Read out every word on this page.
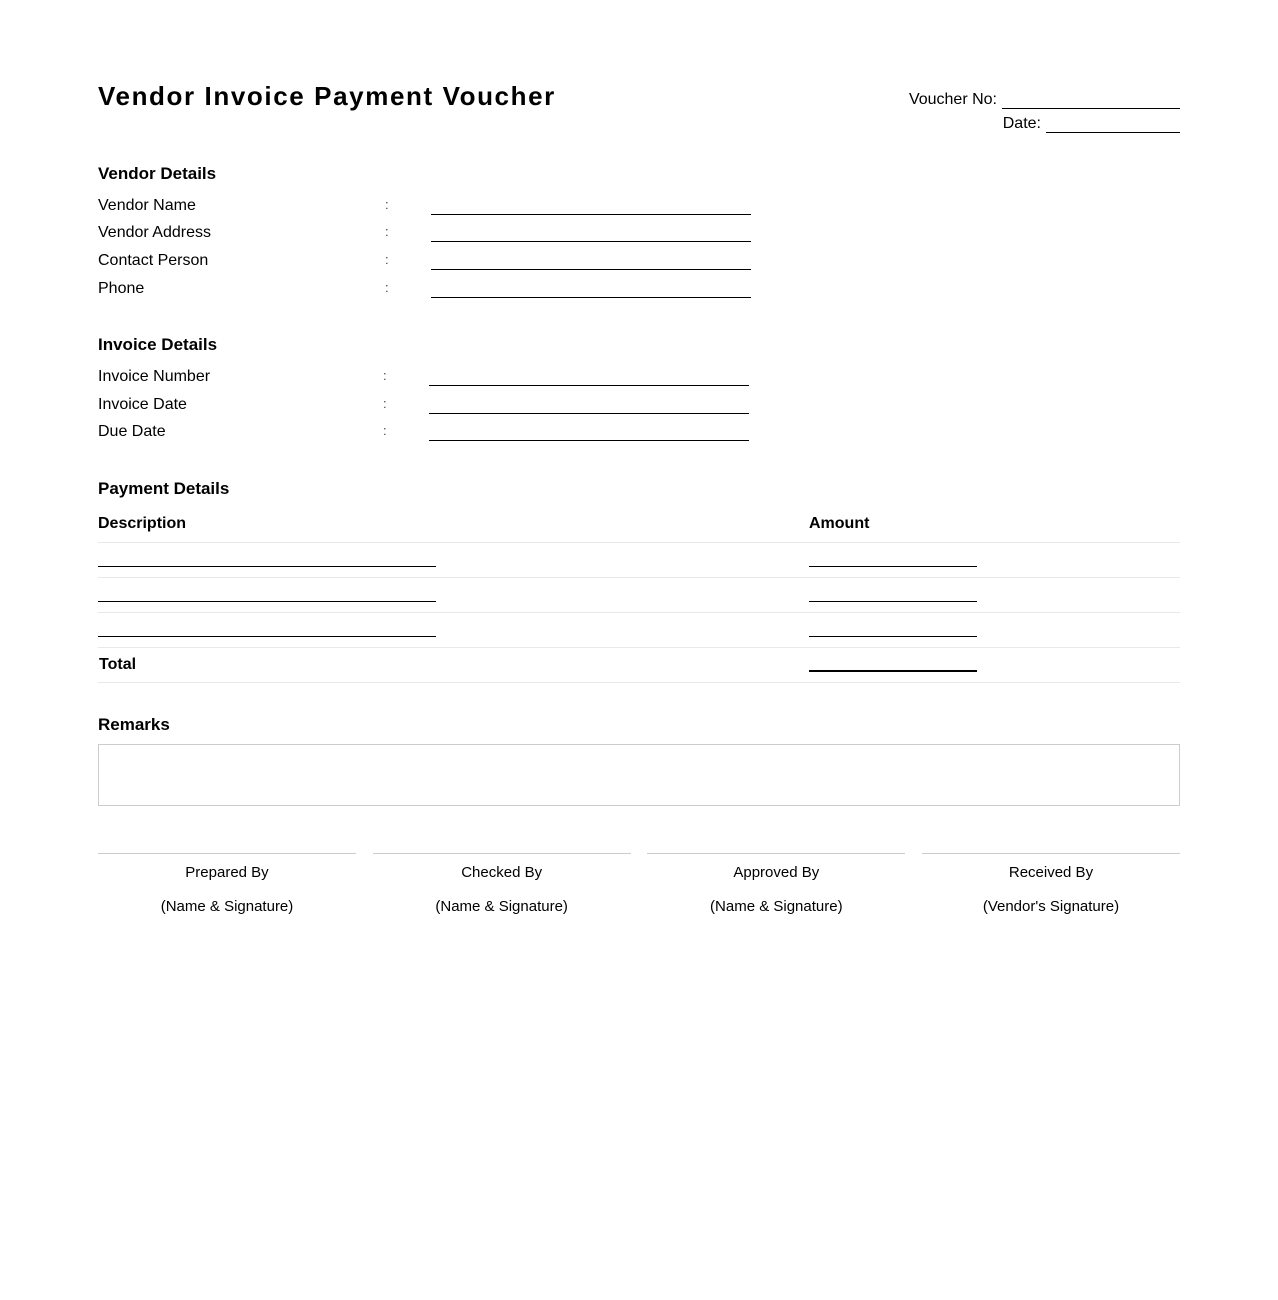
Vendor Invoice Payment Voucher	Voucher No:
Date:
Vendor Details
Vendor Name	:
Vendor Address	:
Contact Person	:
Phone	:
Invoice Details
Invoice Number	:
Invoice Date	:
Due Date	:
Payment Details
Description	Amount
Total
Remarks
Prepared By
(Name & Signature)
Checked By
(Name & Signature)
Approved By
(Name & Signature)
Received By
(Vendor's Signature)
